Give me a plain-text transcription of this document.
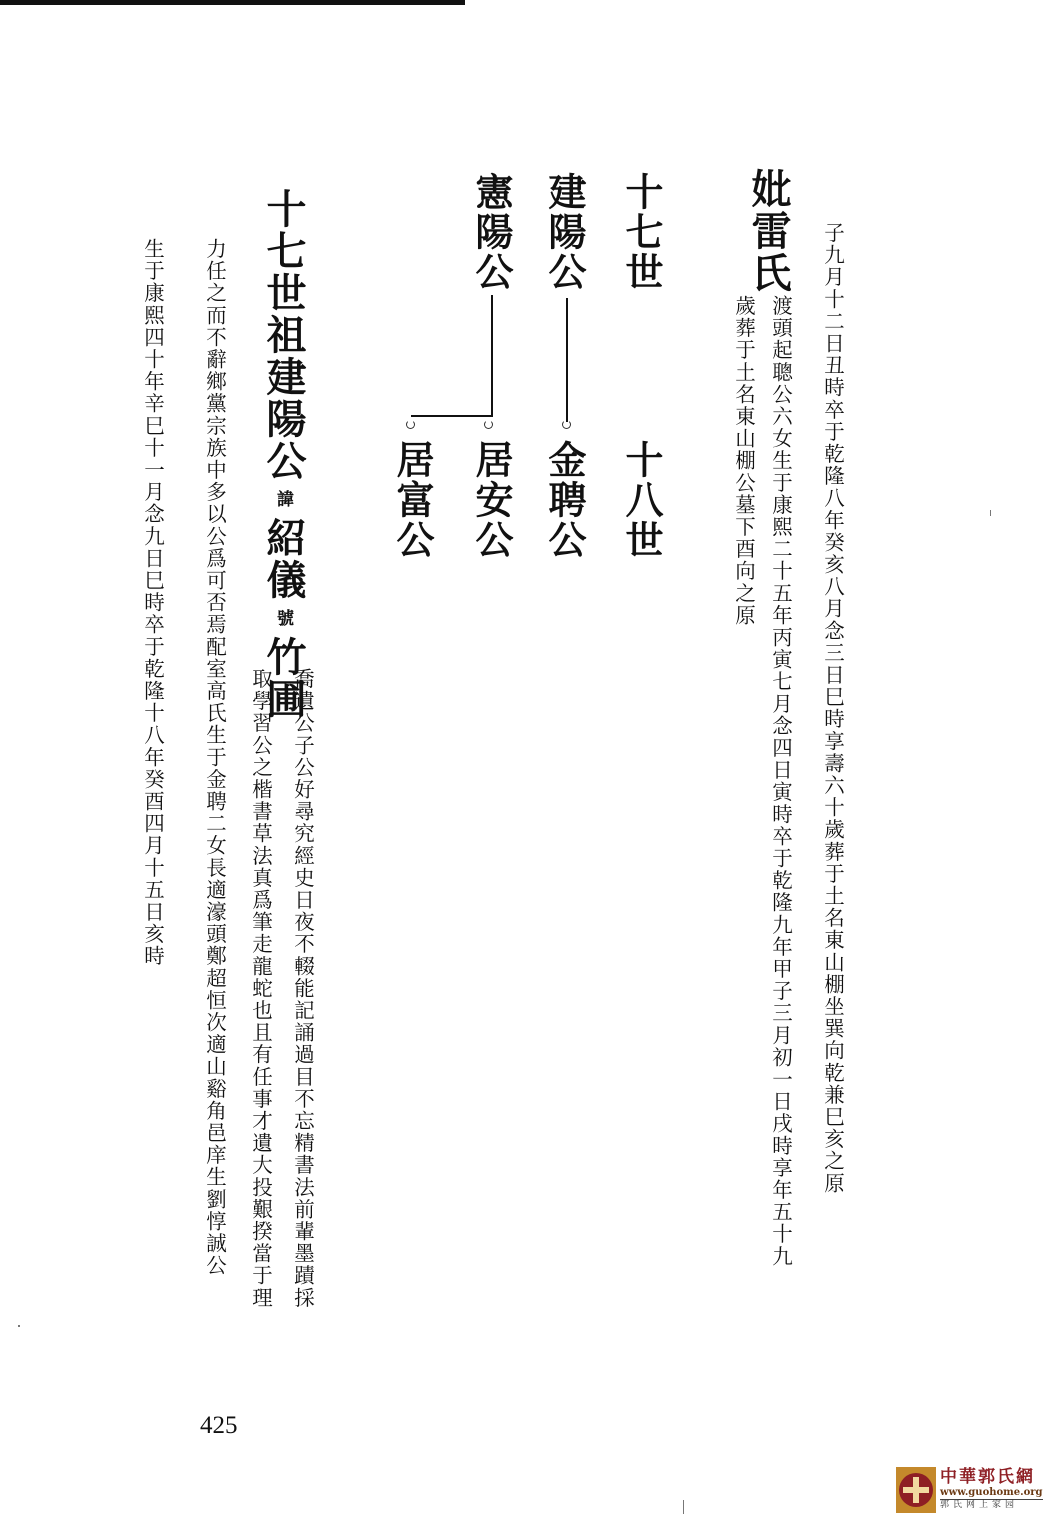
子九月十二日丑時卒于乾隆八年癸亥八月念三日巳時享壽六十歲葬于土名東山棚坐巽向乾兼巳亥之原
妣雷氏
渡頭起聰公六女生于康熙二十五年丙寅七月念四日寅時卒于乾隆九年甲子三月初一日戌時享年五十九
歲葬于土名東山棚公墓下酉向之原
十七世
十八世
建陽公
金聘公
憲陽公
居安公
居富公
十七世祖建陽公諱紹儀號竹圃
喬遺公子公好尋究經史日夜不輟能記誦過目不忘精書法前輩墨蹟採
取學習公之楷書草法真爲筆走龍蛇也且有任事才遺大投艱揆當于理
力任之而不辭鄉黨宗族中多以公爲可否焉配室高氏生于金聘二女長適濠頭鄭超恒次適山谿角邑庠生劉惇誠公
生于康熙四十年辛巳十一月念九日巳時卒于乾隆十八年癸酉四月十五日亥時
425
中華郭氏網
www.guohome.org
郭氏网上家园
